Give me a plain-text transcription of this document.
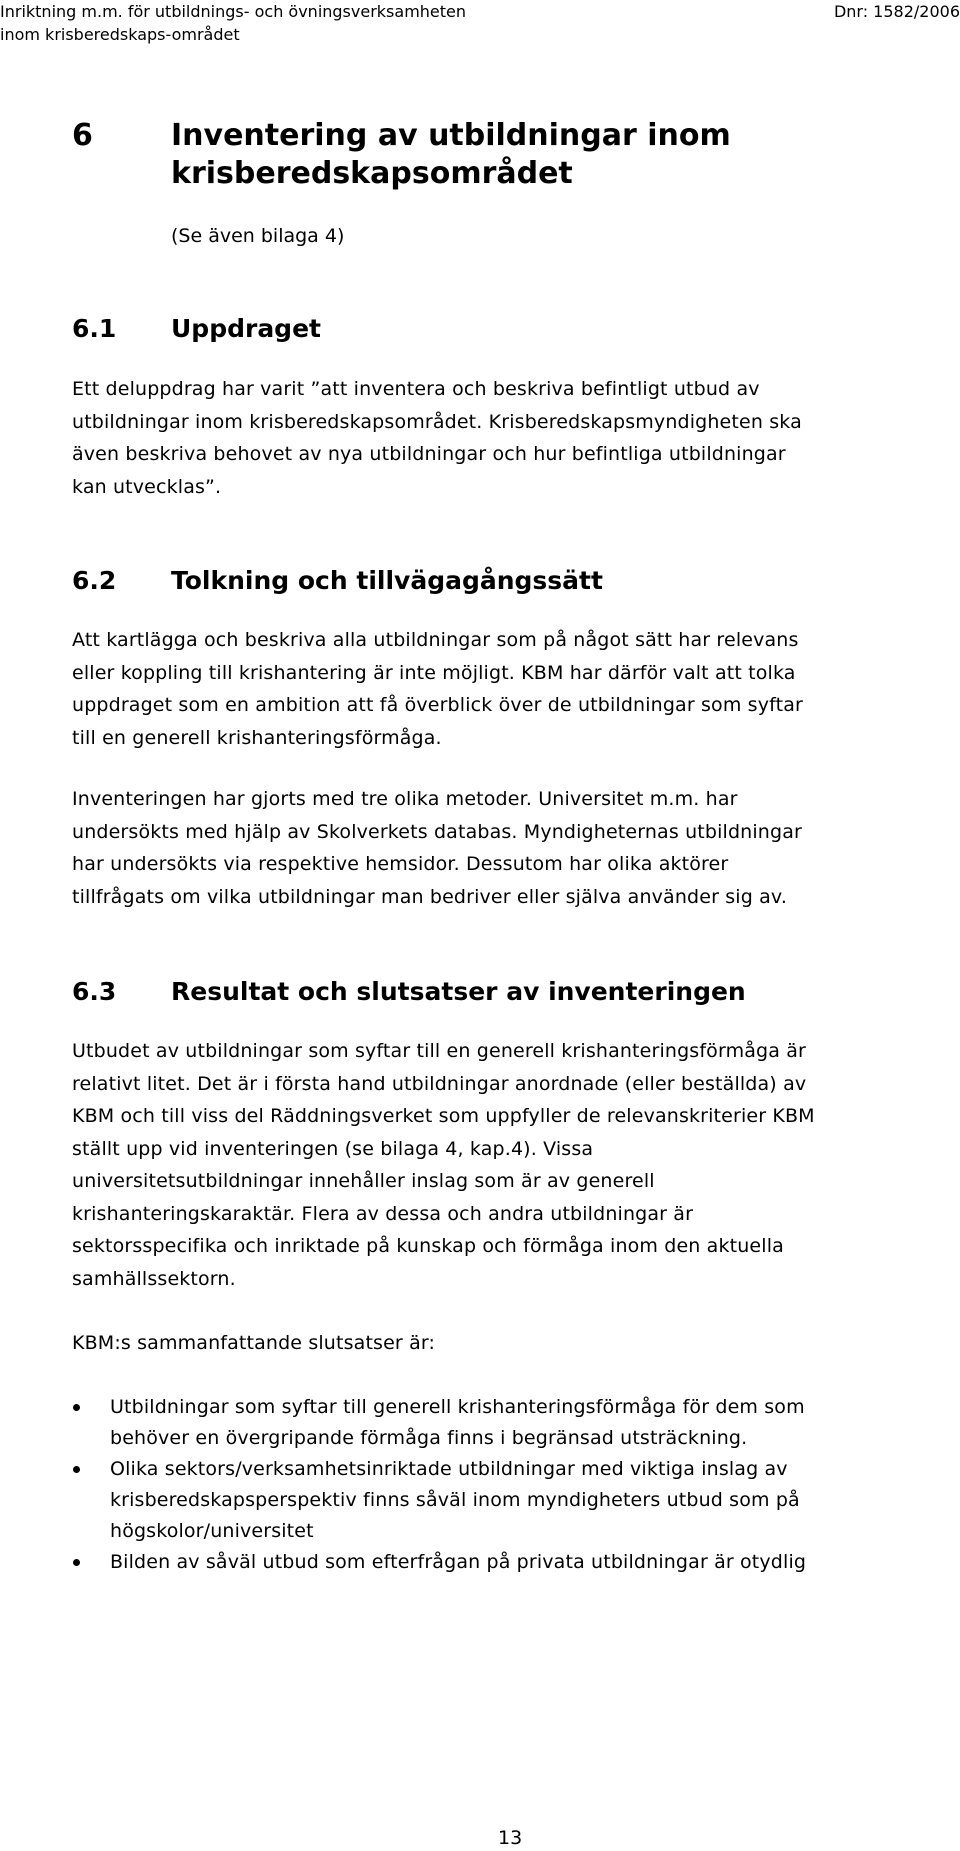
Inriktning m.m. för utbildnings- och övningsverksamheten
inom krisberedskaps-området
Dnr: 1582/2006
6	Inventering av utbildningar inom
krisberedskapsområdet
(Se även bilaga 4)
6.1 Uppdraget
Ett deluppdrag har varit ”att inventera och beskriva befintligt utbud av
utbildningar inom krisberedskapsområdet. Krisberedskapsmyndigheten ska
även beskriva behovet av nya utbildningar och hur befintliga utbildningar
kan utvecklas”.
6.2 Tolkning och tillvägagångssätt
Att kartlägga och beskriva alla utbildningar som på något sätt har relevans
eller koppling till krishantering är inte möjligt. KBM har därför valt att tolka
uppdraget som en ambition att få överblick över de utbildningar som syftar
till en generell krishanteringsförmåga.
Inventeringen har gjorts med tre olika metoder. Universitet m.m. har
undersökts med hjälp av Skolverkets databas. Myndigheternas utbildningar
har undersökts via respektive hemsidor. Dessutom har olika aktörer
tillfrågats om vilka utbildningar man bedriver eller själva använder sig av.
6.3 Resultat och slutsatser av inventeringen
Utbudet av utbildningar som syftar till en generell krishanteringsförmåga är
relativt litet. Det är i första hand utbildningar anordnade (eller beställda) av
KBM och till viss del Räddningsverket som uppfyller de relevanskriterier KBM
ställt upp vid inventeringen (se bilaga 4, kap.4). Vissa
universitetsutbildningar innehåller inslag som är av generell
krishanteringskaraktär. Flera av dessa och andra utbildningar är
sektorsspecifika och inriktade på kunskap och förmåga inom den aktuella
samhällssektorn.
KBM:s sammanfattande slutsatser är:
Utbildningar som syftar till generell krishanteringsförmåga för dem som
behöver en övergripande förmåga finns i begränsad utsträckning.
Olika sektors/verksamhetsinriktade utbildningar med viktiga inslag av
krisberedskapsperspektiv finns såväl inom myndigheters utbud som på
högskolor/universitet
Bilden av såväl utbud som efterfrågan på privata utbildningar är otydlig
13
